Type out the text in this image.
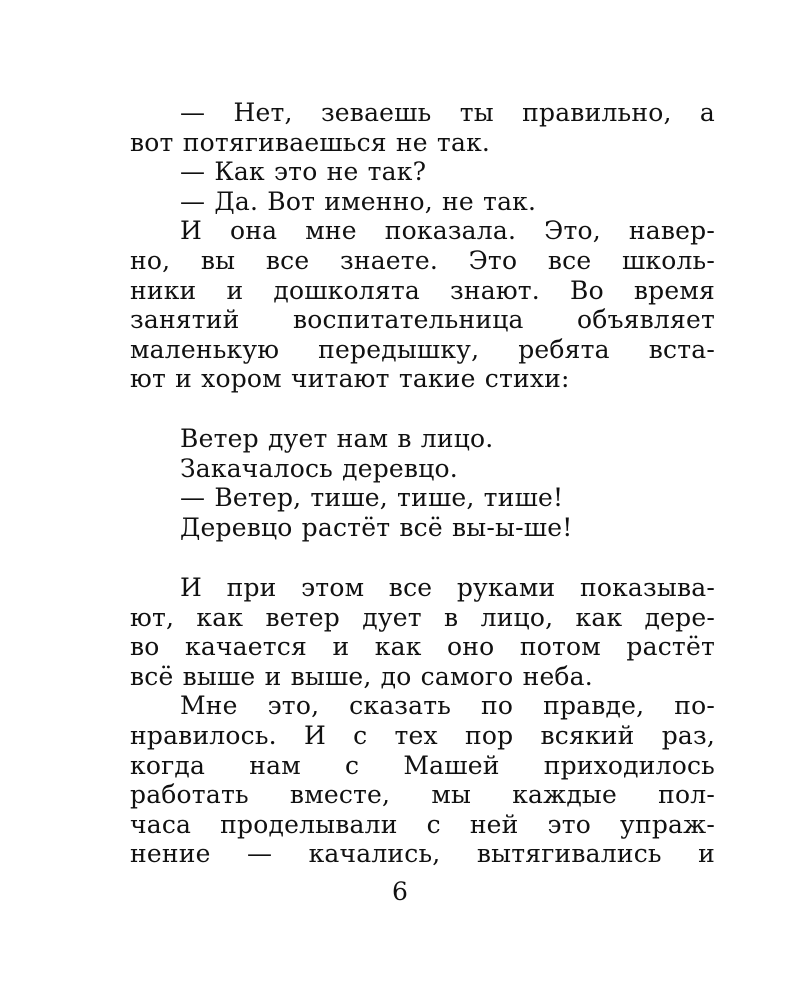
— Нет, зеваешь ты правильно, а
вот потягиваешься не так.
— Как это не так?
— Да. Вот именно, не так.
И она мне показала. Это, навер-
но, вы все знаете. Это все школь-
ники и дошколята знают. Во время
занятий воспитательница объявляет
маленькую передышку, ребята вста-
ют и хором читают такие стихи:
Ветер дует нам в лицо.
Закачалось деревцо.
— Ветер, тише, тише, тише!
Деревцо растёт всё вы-ы-ше!
И при этом все руками показыва-
ют, как ветер дует в лицо, как дере-
во качается и как оно потом растёт
всё выше и выше, до самого неба.
Мне это, сказать по правде, по-
нравилось. И с тех пор всякий раз,
когда нам с Машей приходилось
работать вместе, мы каждые пол-
часа проделывали с ней это упраж-
нение — качались, вытягивались и
6
